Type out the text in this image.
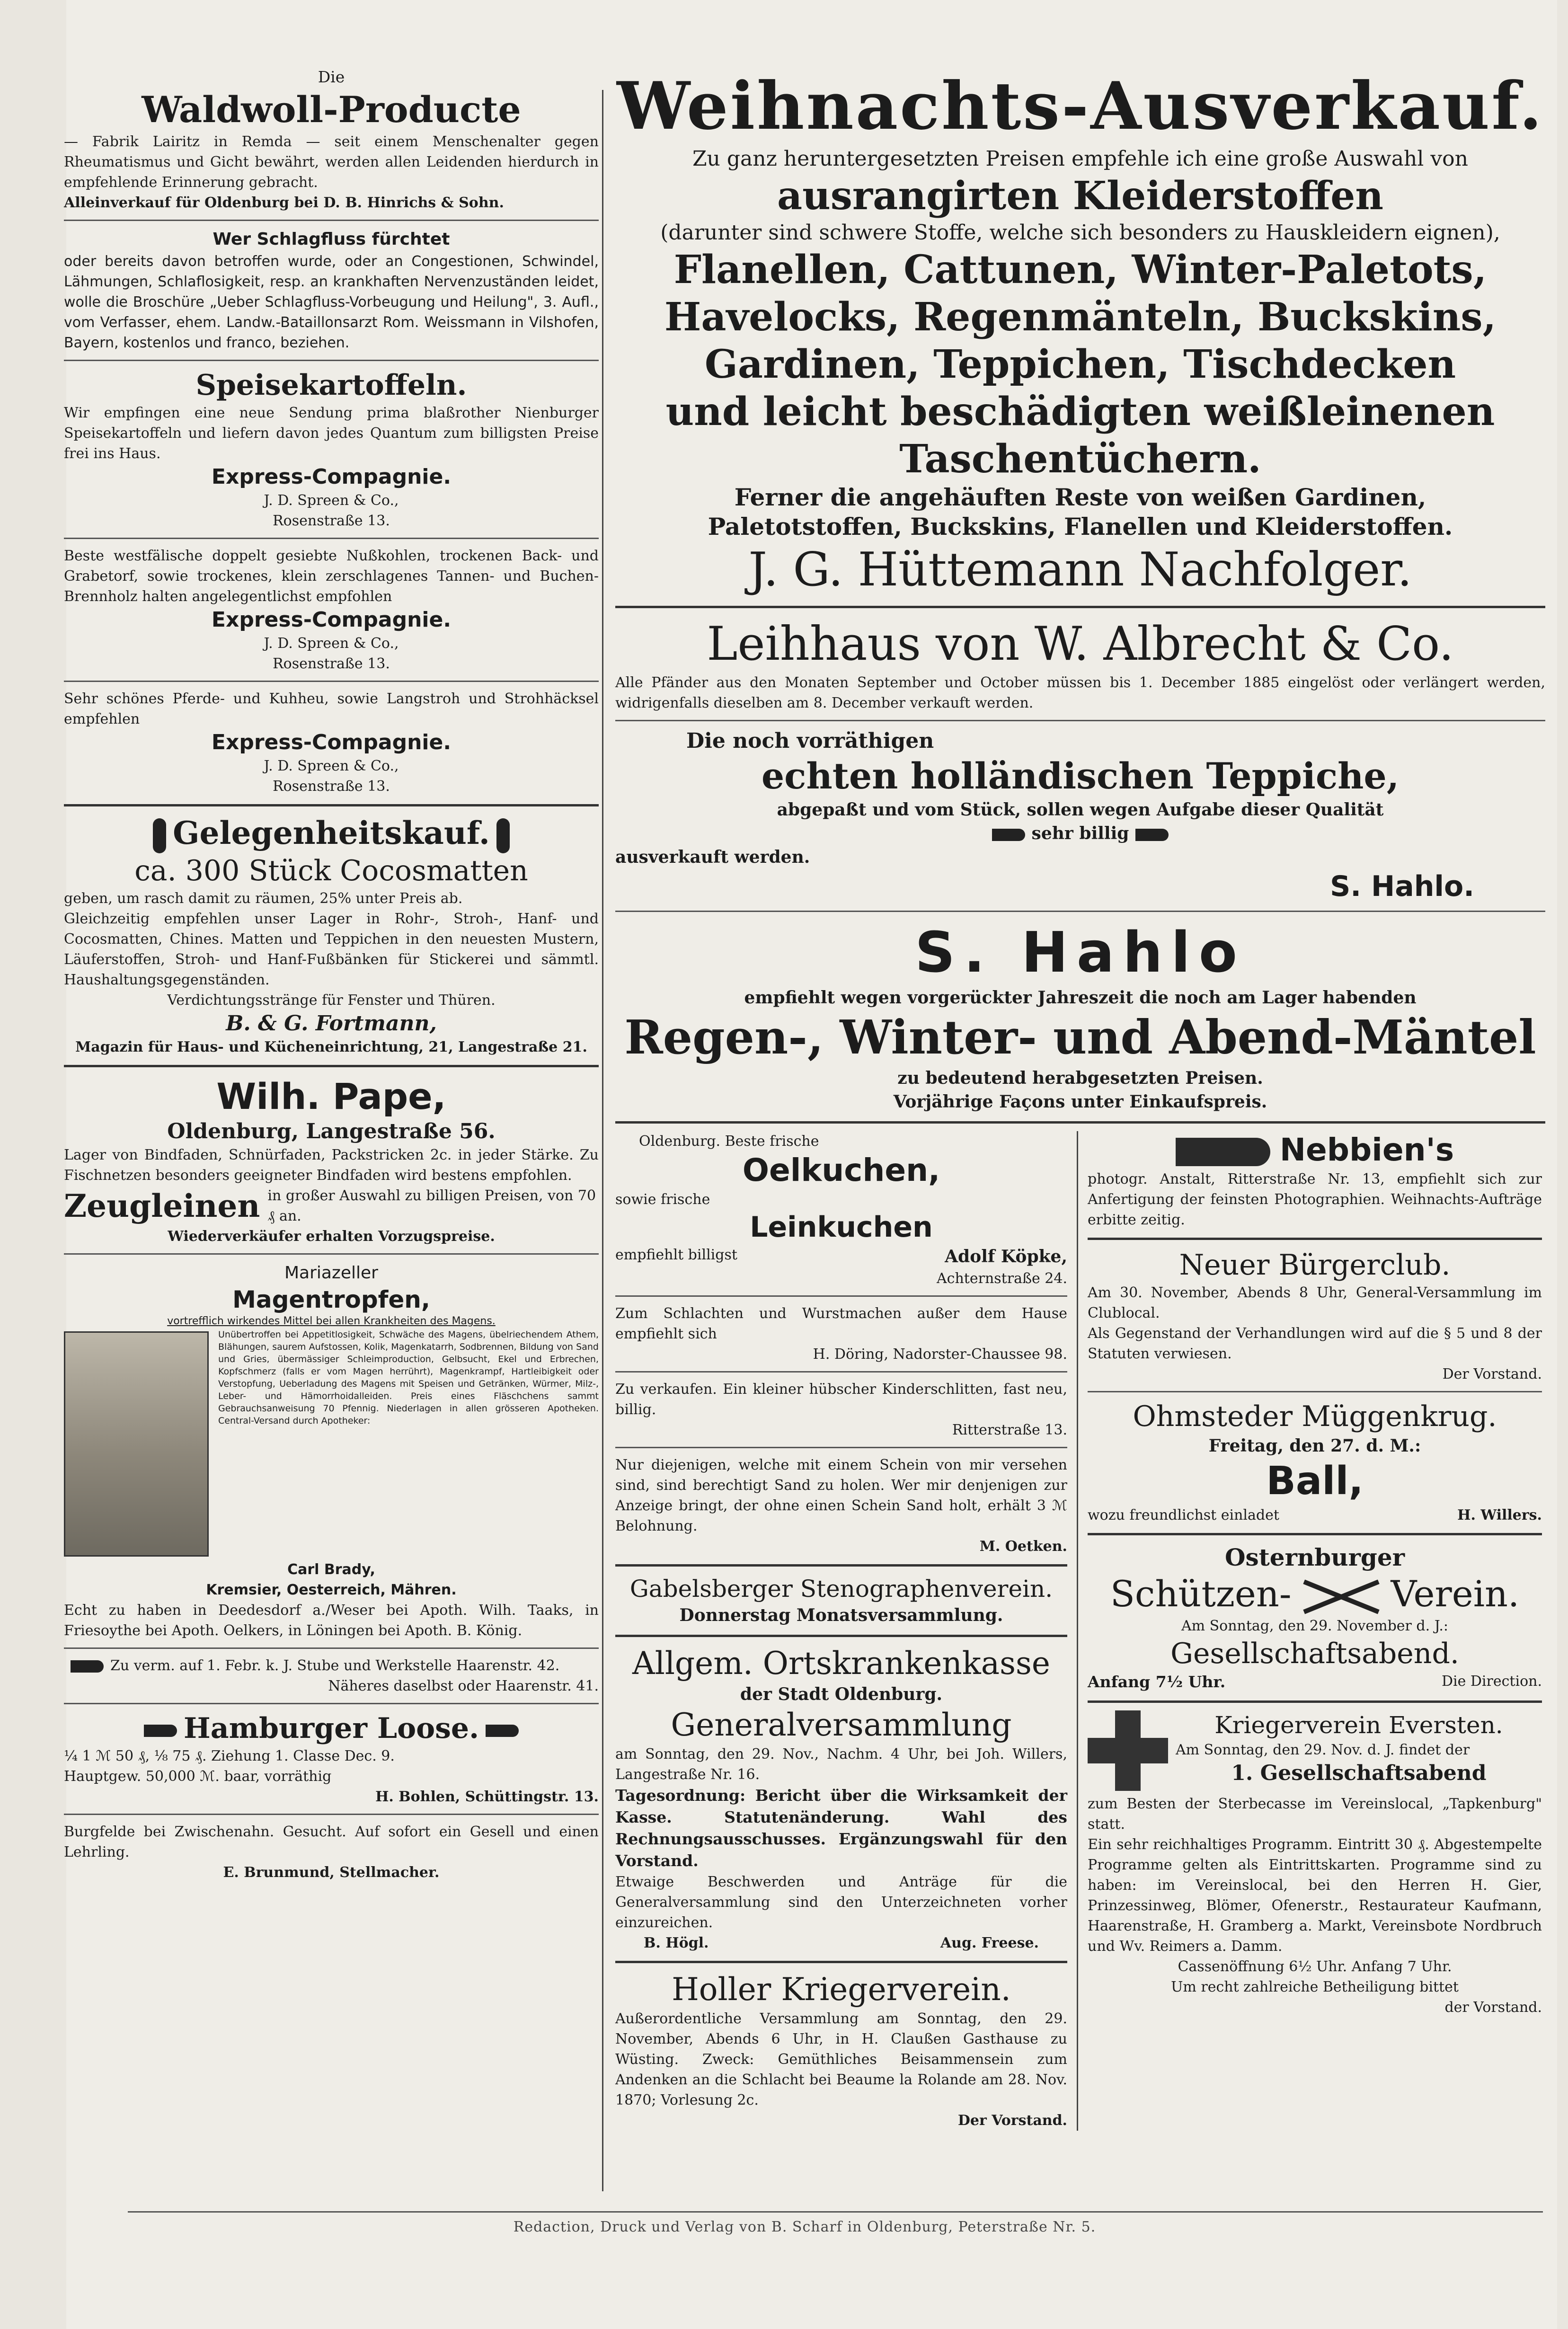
Die

Waldwoll-Producte

— Fabrik Lairitz in Remda — seit einem Menschenalter gegen Rheumatismus und Gicht bewährt, werden allen Leidenden hierdurch in empfehlende Erinnerung gebracht.

Alleinverkauf für Oldenburg bei D. B. Hinrichs & Sohn.

Wer Schlagfluss fürchtet

oder bereits davon betroffen wurde, oder an Congestionen, Schwindel, Lähmungen, Schlaflosigkeit, resp. an krankhaften Nervenzuständen leidet, wolle die Broschüre „Ueber Schlagfluss-Vorbeugung und Heilung", 3. Aufl., vom Verfasser, ehem. Landw.-Bataillonsarzt Rom. Weissmann in Vilshofen, Bayern, kostenlos und franco, beziehen.

Speisekartoffeln.

Wir empfingen eine neue Sendung prima blaßrother Nienburger Speisekartoffeln und liefern davon jedes Quantum zum billigsten Preise frei ins Haus.

Express-Compagnie.

J. D. Spreen & Co.,

Rosenstraße 13.

Beste westfälische doppelt gesiebte Nußkohlen, trockenen Back- und Grabetorf, sowie trockenes, klein zerschlagenes Tannen- und Buchen-Brennholz halten angelegentlichst empfohlen

Express-Compagnie.

J. D. Spreen & Co.,

Rosenstraße 13.

Sehr schönes Pferde- und Kuhheu, sowie Langstroh und Strohhäcksel empfehlen

Express-Compagnie.

J. D. Spreen & Co.,

Rosenstraße 13.

Gelegenheitskauf.

ca. 300 Stück Cocosmatten

geben, um rasch damit zu räumen, 25% unter Preis ab.

Gleichzeitig empfehlen unser Lager in Rohr-, Stroh-, Hanf- und Cocosmatten, Chines. Matten und Teppichen in den neuesten Mustern, Läuferstoffen, Stroh- und Hanf-Fußbänken für Stickerei und sämmtl. Haushaltungsgegenständen.

Verdichtungsstränge für Fenster und Thüren.

B. & G. Fortmann,

Magazin für Haus- und Kücheneinrichtung, 21, Langestraße 21.

Wilh. Pape,

Oldenburg, Langestraße 56.

Lager von Bindfaden, Schnürfaden, Packstricken 2c. in jeder Stärke. Zu Fischnetzen besonders geeigneter Bindfaden wird bestens empfohlen.

Zeugleinen in großer Auswahl zu billigen Preisen, von 70 ₰ an.

Wiederverkäufer erhalten Vorzugspreise.

Mariazeller

Magentropfen,

vortrefflich wirkendes Mittel bei allen Krankheiten des Magens.

Unübertroffen bei Appetitlosigkeit, Schwäche des Magens, übelriechendem Athem, Blähungen, saurem Aufstossen, Kolik, Magenkatarrh, Sodbrennen, Bildung von Sand und Gries, übermässiger Schleimproduction, Gelbsucht, Ekel und Erbrechen, Kopfschmerz (falls er vom Magen herrührt), Magenkrampf, Hartleibigkeit oder Verstopfung, Ueberladung des Magens mit Speisen und Getränken, Würmer, Milz-, Leber- und Hämorrhoidalleiden. Preis eines Fläschchens sammt Gebrauchsanweisung 70 Pfennig. Niederlagen in allen grösseren Apotheken. Central-Versand durch Apotheker:

Carl Brady,

Kremsier, Oesterreich, Mähren.

Echt zu haben in Deedesdorf a./Weser bei Apoth. Wilh. Taaks, in Friesoythe bei Apoth. Oelkers, in Löningen bei Apoth. B. König.

Zu verm. auf 1. Febr. k. J. Stube und Werkstelle Haarenstr. 42.

Näheres daselbst oder Haarenstr. 41.

Hamburger Loose.

¼ 1 ℳ 50 ₰, ⅛ 75 ₰. Ziehung 1. Classe Dec. 9.

Hauptgew. 50,000 ℳ. baar, vorräthig

H. Bohlen, Schüttingstr. 13.

Burgfelde bei Zwischenahn. Gesucht. Auf sofort ein Gesell und einen Lehrling.

E. Brunmund, Stellmacher.

Weihnachts-Ausverkauf.

Zu ganz heruntergesetzten Preisen empfehle ich eine große Auswahl von

ausrangirten Kleiderstoffen

(darunter sind schwere Stoffe, welche sich besonders zu Hauskleidern eignen),

Flanellen, Cattunen, Winter-Paletots,

Havelocks, Regenmänteln, Buckskins,

Gardinen, Teppichen, Tischdecken

und leicht beschädigten weißleinenen

Taschentüchern.

Ferner die angehäuften Reste von weißen Gardinen,

Paletotstoffen, Buckskins, Flanellen und Kleiderstoffen.

J. G. Hüttemann Nachfolger.

Leihhaus von W. Albrecht & Co.

Alle Pfänder aus den Monaten September und October müssen bis 1. December 1885 eingelöst oder verlängert werden, widrigenfalls dieselben am 8. December verkauft werden.

Die noch vorräthigen

echten holländischen Teppiche,

abgepaßt und vom Stück, sollen wegen Aufgabe dieser Qualität

sehr billig

ausverkauft werden.

S. Hahlo.

S. Hahlo

empfiehlt wegen vorgerückter Jahreszeit die noch am Lager habenden

Regen-, Winter- und Abend-Mäntel

zu bedeutend herabgesetzten Preisen.

Vorjährige Façons unter Einkaufspreis.

Oldenburg. Beste frische

Oelkuchen,

sowie frische

Leinkuchen

empfiehlt billigst	Adolf Köpke,

Achternstraße 24.

Zum Schlachten und Wurstmachen außer dem Hause empfiehlt sich

H. Döring, Nadorster-Chaussee 98.

Zu verkaufen. Ein kleiner hübscher Kinderschlitten, fast neu, billig.

Ritterstraße 13.

Nur diejenigen, welche mit einem Schein von mir versehen sind, sind berechtigt Sand zu holen. Wer mir denjenigen zur Anzeige bringt, der ohne einen Schein Sand holt, erhält 3 ℳ Belohnung.

M. Oetken.

Gabelsberger Stenographenverein.

Donnerstag Monatsversammlung.

Allgem. Ortskrankenkasse

der Stadt Oldenburg.

Generalversammlung

am Sonntag, den 29. Nov., Nachm. 4 Uhr, bei Joh. Willers, Langestraße Nr. 16.

Tagesordnung: Bericht über die Wirksamkeit der Kasse. Statutenänderung. Wahl des Rechnungsausschusses. Ergänzungswahl für den Vorstand.

Etwaige Beschwerden und Anträge für die Generalversammlung sind den Unterzeichneten vorher einzureichen.

B. Högl.	Aug. Freese.

Holler Kriegerverein.

Außerordentliche Versammlung am Sonntag, den 29. November, Abends 6 Uhr, in H. Claußen Gasthause zu Wüsting. Zweck: Gemüthliches Beisammensein zum Andenken an die Schlacht bei Beaume la Rolande am 28. Nov. 1870; Vorlesung 2c.

Der Vorstand.

Nebbien's

photogr. Anstalt, Ritterstraße Nr. 13, empfiehlt sich zur Anfertigung der feinsten Photographien. Weihnachts-Aufträge erbitte zeitig.

Neuer Bürgerclub.

Am 30. November, Abends 8 Uhr, General-Versammlung im Clublocal.

Als Gegenstand der Verhandlungen wird auf die § 5 und 8 der Statuten verwiesen.

Der Vorstand.

Ohmsteder Müggenkrug.

Freitag, den 27. d. M.:

Ball,

wozu freundlichst einladet	H. Willers.

Osternburger

Schützen-	Verein.

Am Sonntag, den 29. November d. J.:

Gesellschaftsabend.

Anfang 7½ Uhr.	Die Direction.

Kriegerverein Eversten.

Am Sonntag, den 29. Nov. d. J. findet der

1. Gesellschaftsabend

zum Besten der Sterbecasse im Vereinslocal, „Tapkenburg" statt.

Ein sehr reichhaltiges Programm. Eintritt 30 ₰. Abgestempelte Programme gelten als Eintrittskarten. Programme sind zu haben: im Vereinslocal, bei den Herren H. Gier, Prinzessinweg, Blömer, Ofenerstr., Restaurateur Kaufmann, Haarenstraße, H. Gramberg a. Markt, Vereinsbote Nordbruch und Wv. Reimers a. Damm.

Cassenöffnung 6½ Uhr. Anfang 7 Uhr.

Um recht zahlreiche Betheiligung bittet

der Vorstand.

Redaction, Druck und Verlag von B. Scharf in Oldenburg, Peterstraße Nr. 5.
